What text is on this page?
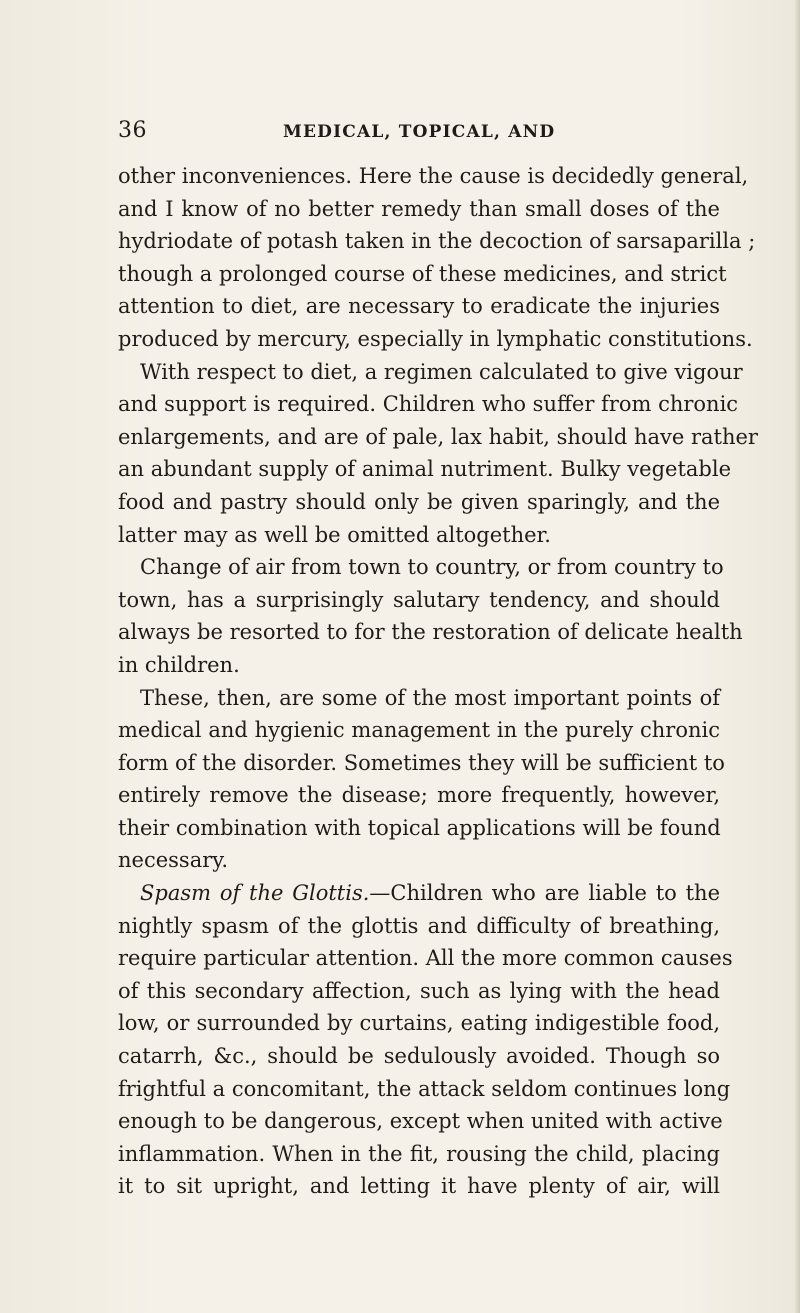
36	MEDICAL, TOPICAL, AND
other inconveniences. Here the cause is decidedly general,
and I know of no better remedy than small doses of the
hydriodate of potash taken in the decoction of sarsaparilla ;
though a prolonged course of these medicines, and strict
attention to diet, are necessary to eradicate the injuries
produced by mercury, especially in lymphatic constitutions.
With respect to diet, a regimen calculated to give vigour
and support is required. Children who suffer from chronic
enlargements, and are of pale, lax habit, should have rather
an abundant supply of animal nutriment. Bulky vegetable
food and pastry should only be given sparingly, and the
latter may as well be omitted altogether.
Change of air from town to country, or from country to
town, has a surprisingly salutary tendency, and should
always be resorted to for the restoration of delicate health
in children.
These, then, are some of the most important points of
medical and hygienic management in the purely chronic
form of the disorder. Sometimes they will be sufficient to
entirely remove the disease; more frequently, however,
their combination with topical applications will be found
necessary.
Spasm of the Glottis.—Children who are liable to the
nightly spasm of the glottis and difficulty of breathing,
require particular attention. All the more common causes
of this secondary affection, such as lying with the head
low, or surrounded by curtains, eating indigestible food,
catarrh, &c., should be sedulously avoided. Though so
frightful a concomitant, the attack seldom continues long
enough to be dangerous, except when united with active
inflammation. When in the fit, rousing the child, placing
it to sit upright, and letting it have plenty of air, will
